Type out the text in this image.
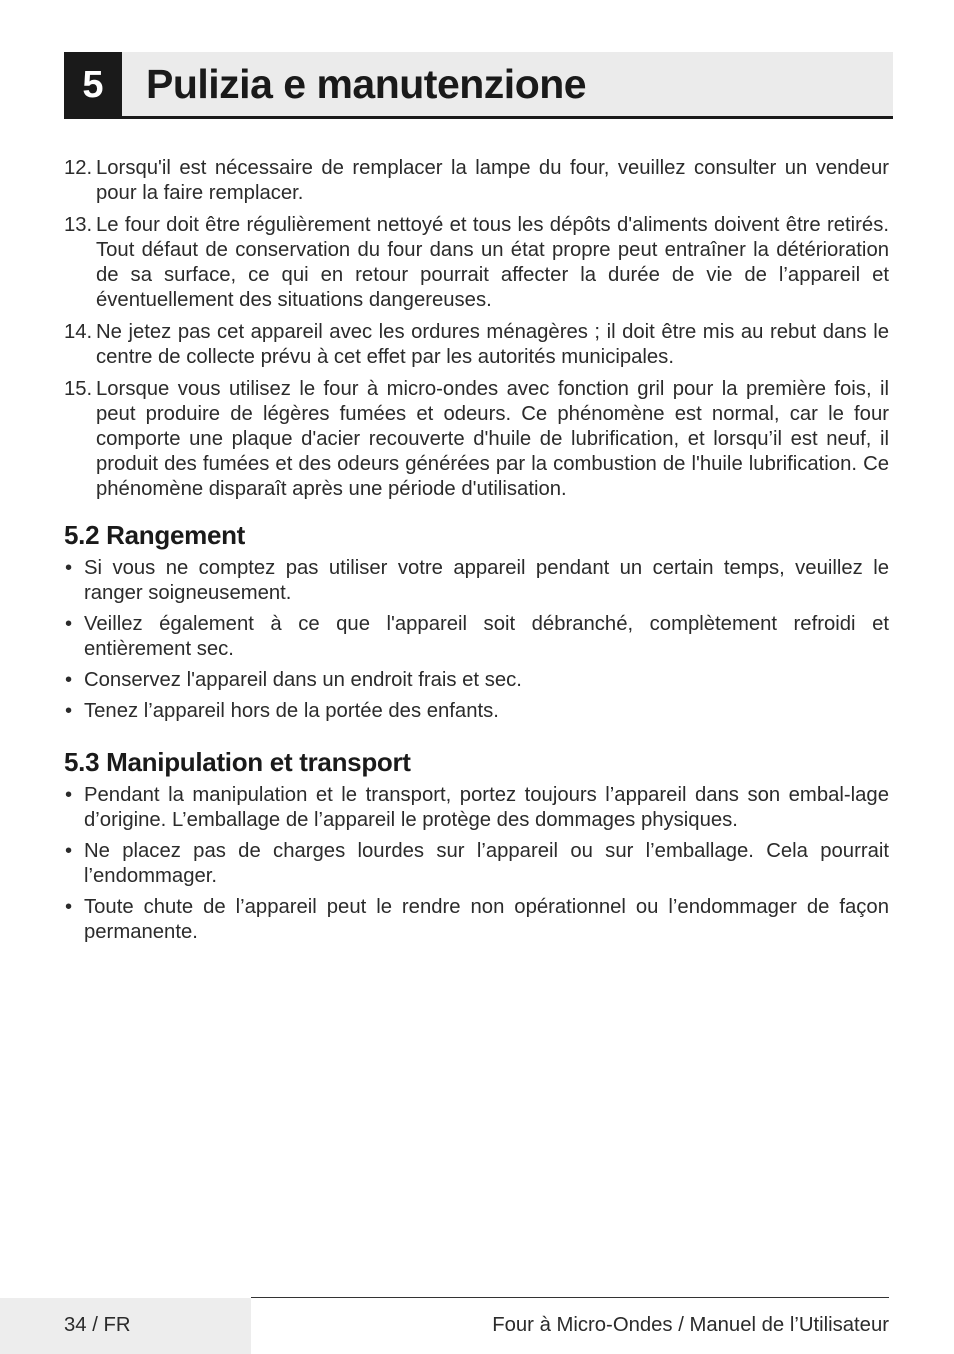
5	Pulizia e manutenzione
12. Lorsqu'il est nécessaire de remplacer la lampe du four, veuillez consulter un vendeur pour la faire remplacer.
13. Le four doit être régulièrement nettoyé et tous les dépôts d'aliments doivent être retirés. Tout défaut de conservation du four dans un état propre peut entraîner la détérioration de sa surface, ce qui en retour pourrait affecter la durée de vie de l’appareil et éventuellement des situations dangereuses.
14. Ne jetez pas cet appareil avec les ordures ménagères ; il doit être mis au rebut dans le centre de collecte prévu à cet effet par les autorités municipales.
15. Lorsque vous utilisez le four à micro-ondes avec fonction gril pour la première fois, il peut produire de légères fumées et odeurs. Ce phénomène est normal, car le four comporte une plaque d'acier recouverte d'huile de lubrification, et lorsqu’il est neuf, il produit des fumées et des odeurs générées par la combustion de l'huile lubrification. Ce phénomène disparaît après une période d'utilisation.
5.2 Rangement
• Si vous ne comptez pas utiliser votre appareil pendant un certain temps, veuillez le ranger soigneusement.
• Veillez également à ce que l'appareil soit débranché, complètement refroidi et entièrement sec.
• Conservez l'appareil dans un endroit frais et sec.
• Tenez l’appareil hors de la portée des enfants.
5.3 Manipulation et transport
• Pendant la manipulation et le transport, portez toujours l’appareil dans son embal-lage d’origine. L’emballage de l’appareil le protège des dommages physiques.
• Ne placez pas de charges lourdes sur l’appareil ou sur l’emballage. Cela pourrait l’endommager.
• Toute chute de l’appareil peut le rendre non opérationnel ou l’endommager de façon permanente.
34 / FR	Four à Micro-Ondes / Manuel de l’Utilisateur
